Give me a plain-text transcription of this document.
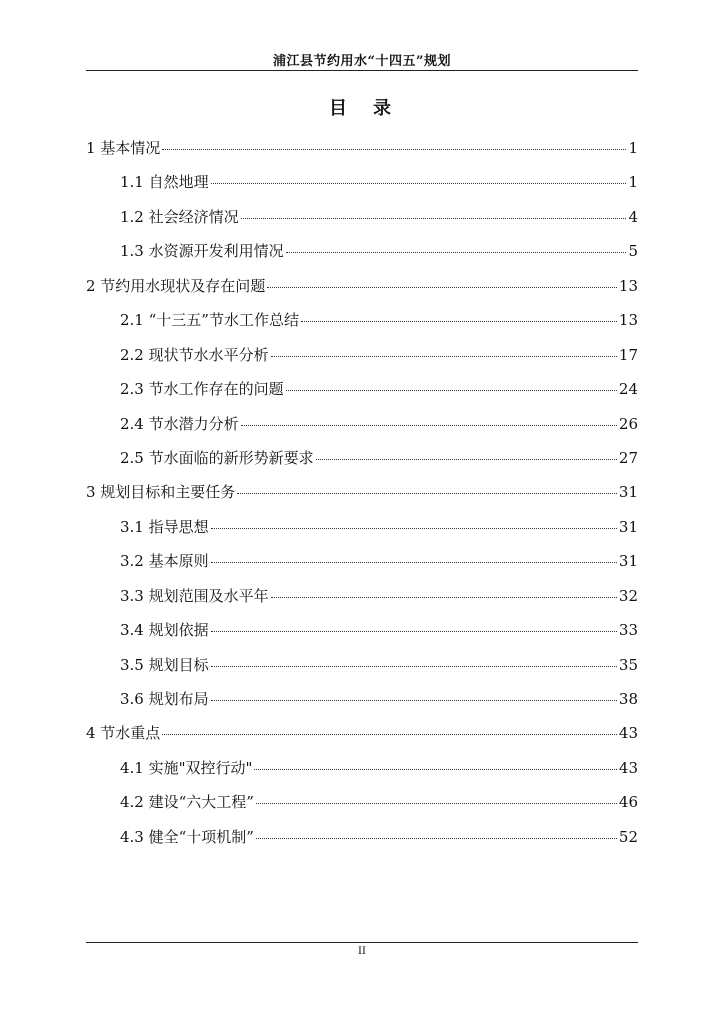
浦江县节约用水“十四五”规划
目　录
1 基本情况	1
1.1 自然地理	1
1.2 社会经济情况	4
1.3 水资源开发利用情况	5
2 节约用水现状及存在问题	13
2.1 “十三五”节水工作总结	13
2.2 现状节水水平分析	17
2.3 节水工作存在的问题	24
2.4 节水潜力分析	26
2.5 节水面临的新形势新要求	27
3 规划目标和主要任务	31
3.1 指导思想	31
3.2 基本原则	31
3.3 规划范围及水平年	32
3.4 规划依据	33
3.5 规划目标	35
3.6 规划布局	38
4 节水重点	43
4.1 实施"双控行动"	43
4.2 建设“六大工程”	46
4.3 健全“十项机制”	52
II
